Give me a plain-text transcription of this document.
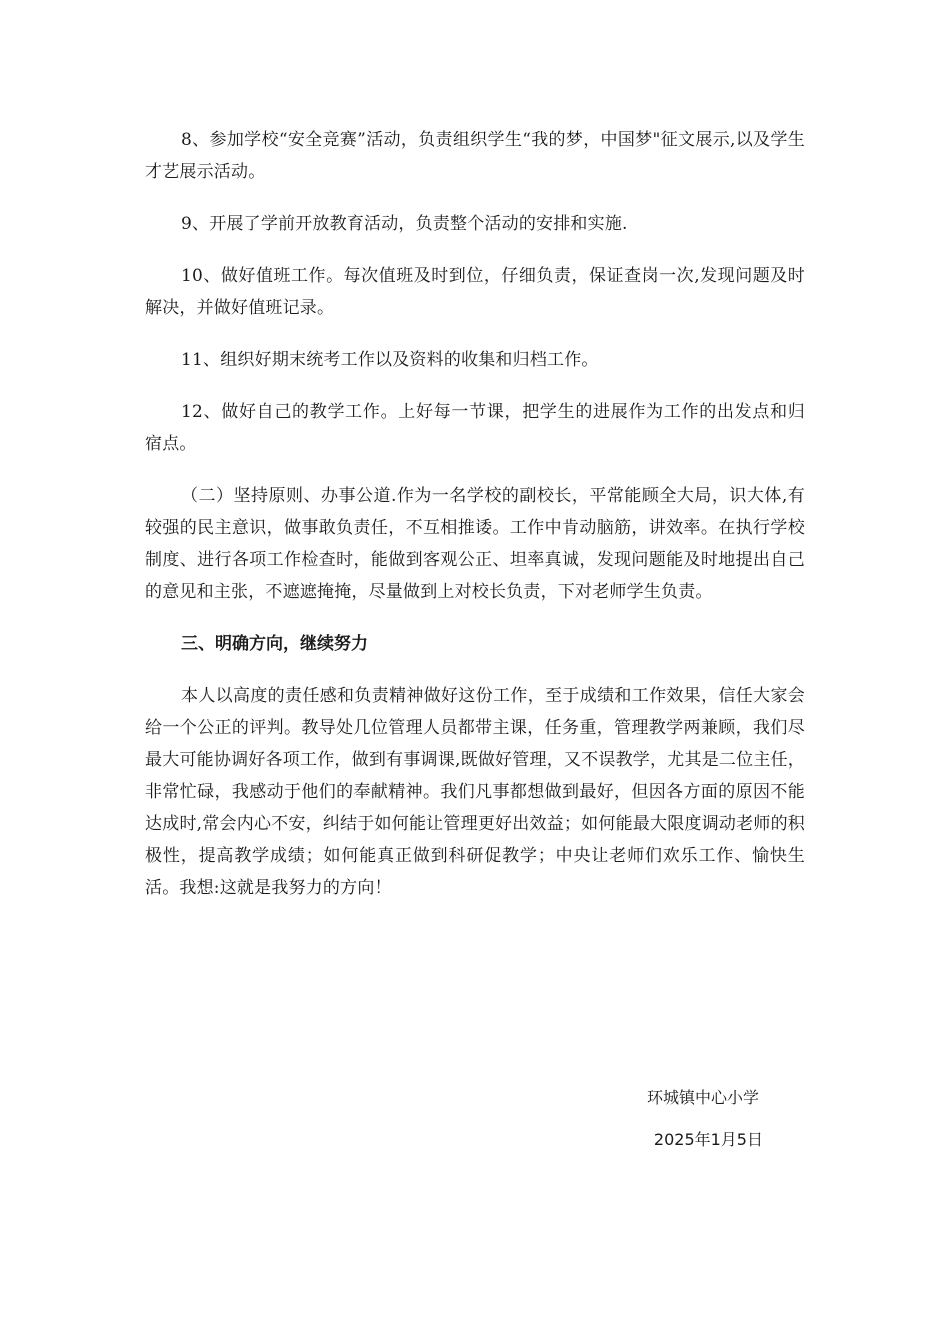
8、参加学校“安全竞赛”活动，负责组织学生“我的梦，中国梦"征文展示,以及学生才艺展示活动。

9、开展了学前开放教育活动，负责整个活动的安排和实施.

10、做好值班工作。每次值班及时到位，仔细负责，保证查岗一次,发现问题及时解决，并做好值班记录。

11、组织好期末统考工作以及资料的收集和归档工作。

12、做好自己的教学工作。上好每一节课，把学生的进展作为工作的出发点和归宿点。

（二）坚持原则、办事公道.作为一名学校的副校长，平常能顾全大局，识大体,有较强的民主意识，做事敢负责任，不互相推诿。工作中肯动脑筋，讲效率。在执行学校制度、进行各项工作检查时，能做到客观公正、坦率真诚，发现问题能及时地提出自己的意见和主张，不遮遮掩掩，尽量做到上对校长负责，下对老师学生负责。

三、明确方向，继续努力

本人以高度的责任感和负责精神做好这份工作，至于成绩和工作效果，信任大家会给一个公正的评判。教导处几位管理人员都带主课，任务重，管理教学两兼顾，我们尽最大可能协调好各项工作，做到有事调课,既做好管理，又不误教学，尤其是二位主任，非常忙碌，我感动于他们的奉献精神。我们凡事都想做到最好，但因各方面的原因不能达成时,常会内心不安，纠结于如何能让管理更好出效益；如何能最大限度调动老师的积极性，提高教学成绩；如何能真正做到科研促教学；中央让老师们欢乐工作、愉快生活。我想:这就是我努力的方向！

环城镇中心小学
2025年1月5日
